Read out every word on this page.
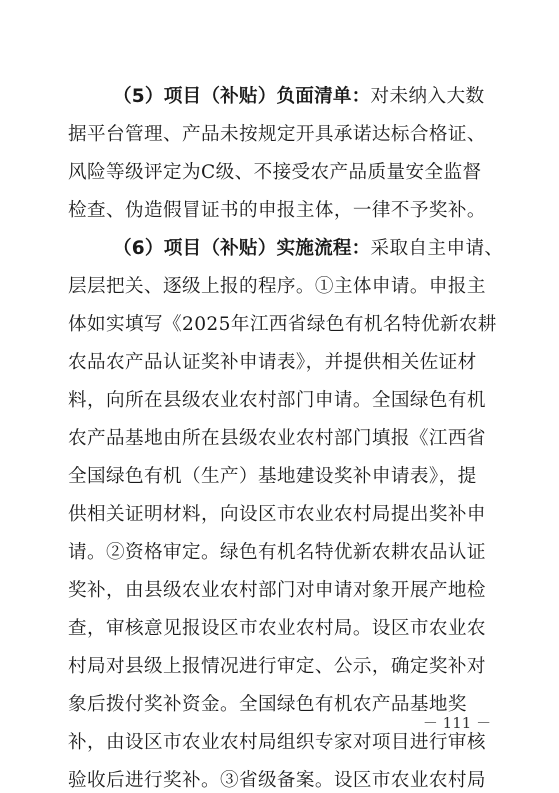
（5）项目（补贴）负面清单：对未纳入大数
据平台管理、产品未按规定开具承诺达标合格证、
风险等级评定为C级、不接受农产品质量安全监督
检查、伪造假冒证书的申报主体，一律不予奖补。
（6）项目（补贴）实施流程：采取自主申请、
层层把关、逐级上报的程序。①主体申请。申报主
体如实填写《2025年江西省绿色有机名特优新农耕
农品农产品认证奖补申请表》，并提供相关佐证材
料，向所在县级农业农村部门申请。全国绿色有机
农产品基地由所在县级农业农村部门填报《江西省
全国绿色有机（生产）基地建设奖补申请表》，提
供相关证明材料，向设区市农业农村局提出奖补申
请。②资格审定。绿色有机名特优新农耕农品认证
奖补，由县级农业农村部门对申请对象开展产地检
查，审核意见报设区市农业农村局。设区市农业农
村局对县级上报情况进行审定、公示，确定奖补对
象后拨付奖补资金。全国绿色有机农产品基地奖
补，由设区市农业农村局组织专家对项目进行审核
验收后进行奖补。③省级备案。设区市农业农村局
－ 111 －
